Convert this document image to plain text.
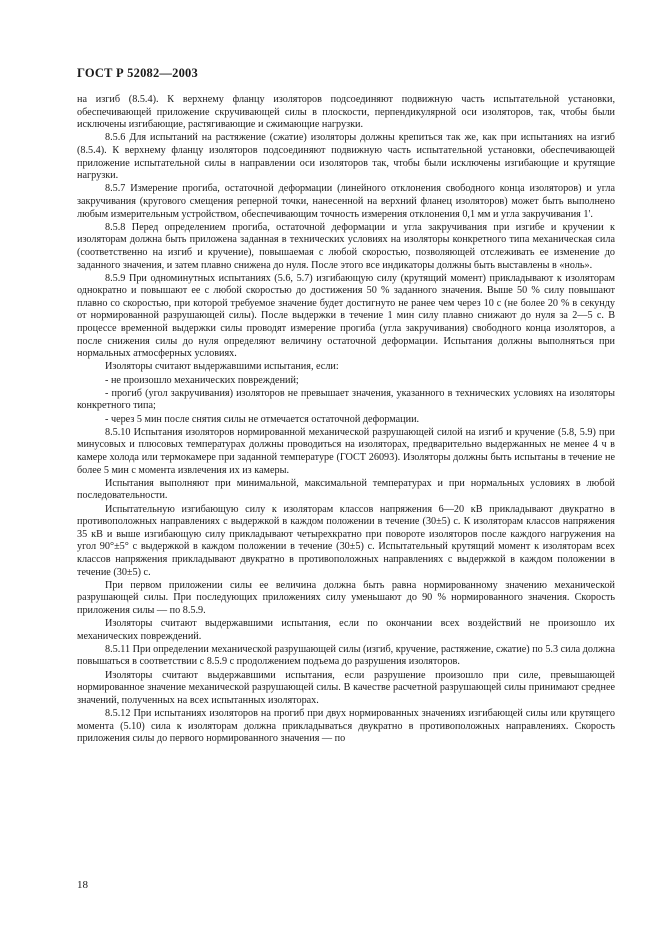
ГОСТ Р 52082—2003

на изгиб (8.5.4). К верхнему фланцу изоляторов подсоединяют подвижную часть испытательной установки, обеспечивающей приложение скручивающей силы в плоскости, перпендикулярной оси изоляторов, так, чтобы были исключены изгибающие, растягивающие и сжимающие нагрузки.

8.5.6 Для испытаний на растяжение (сжатие) изоляторы должны крепиться так же, как при испытаниях на изгиб (8.5.4). К верхнему фланцу изоляторов подсоединяют подвижную часть испытательной установки, обеспечивающей приложение испытательной силы в направлении оси изоляторов так, чтобы были исключены изгибающие и крутящие нагрузки.

8.5.7 Измерение прогиба, остаточной деформации (линейного отклонения свободного конца изоляторов) и угла закручивания (кругового смещения реперной точки, нанесенной на верхний фланец изоляторов) может быть выполнено любым измерительным устройством, обеспечивающим точность измерения отклонения 0,1 мм и угла закручивания 1'.

8.5.8 Перед определением прогиба, остаточной деформации и угла закручивания при изгибе и кручении к изоляторам должна быть приложена заданная в технических условиях на изоляторы конкретного типа механическая сила (соответственно на изгиб и кручение), повышаемая с любой скоростью, позволяющей отслеживать ее изменение до заданного значения, и затем плавно снижена до нуля. После этого все индикаторы должны быть выставлены в «ноль».

8.5.9 При одноминутных испытаниях (5.6, 5.7) изгибающую силу (крутящий момент) прикладывают к изоляторам однократно и повышают ее с любой скоростью до достижения 50 % заданного значения. Выше 50 % силу повышают плавно со скоростью, при которой требуемое значение будет достигнуто не ранее чем через 10 с (не более 20 % в секунду от нормированной разрушающей силы). После выдержки в течение 1 мин силу плавно снижают до нуля за 2—5 с. В процессе временной выдержки силы проводят измерение прогиба (угла закручивания) свободного конца изоляторов, а после снижения силы до нуля определяют величину остаточной деформации. Испытания должны выполняться при нормальных атмосферных условиях.

Изоляторы считают выдержавшими испытания, если:

- не произошло механических повреждений;

- прогиб (угол закручивания) изоляторов не превышает значения, указанного в технических условиях на изоляторы конкретного типа;

- через 5 мин после снятия силы не отмечается остаточной деформации.

8.5.10 Испытания изоляторов нормированной механической разрушающей силой на изгиб и кручение (5.8, 5.9) при минусовых и плюсовых температурах должны проводиться на изоляторах, предварительно выдержанных не менее 4 ч в камере холода или термокамере при заданной температуре (ГОСТ 26093). Изоляторы должны быть испытаны в течение не более 5 мин с момента извлечения их из камеры.

Испытания выполняют при минимальной, максимальной температурах и при нормальных условиях в любой последовательности.

Испытательную изгибающую силу к изоляторам классов напряжения 6—20 кВ прикладывают двукратно в противоположных направлениях с выдержкой в каждом положении в течение (30±5) с. К изоляторам классов напряжения 35 кВ и выше изгибающую силу прикладывают четырехкратно при повороте изоляторов после каждого нагружения на угол 90°±5° с выдержкой в каждом положении в течение (30±5) с. Испытательный крутящий момент к изоляторам всех классов напряжения прикладывают двукратно в противоположных направлениях с выдержкой в каждом положении в течение (30±5) с.

При первом приложении силы ее величина должна быть равна нормированному значению механической разрушающей силы. При последующих приложениях силу уменьшают до 90 % нормированного значения. Скорость приложения силы — по 8.5.9.

Изоляторы считают выдержавшими испытания, если по окончании всех воздействий не произошло их механических повреждений.

8.5.11 При определении механической разрушающей силы (изгиб, кручение, растяжение, сжатие) по 5.3 сила должна повышаться в соответствии с 8.5.9 с продолжением подъема до разрушения изоляторов.

Изоляторы считают выдержавшими испытания, если разрушение произошло при силе, превышающей нормированное значение механической разрушающей силы. В качестве расчетной разрушающей силы принимают среднее значений, полученных на всех испытанных изоляторах.

8.5.12 При испытаниях изоляторов на прогиб при двух нормированных значениях изгибающей силы или крутящего момента (5.10) сила к изоляторам должна прикладываться двукратно в противоположных направлениях. Скорость приложения силы до первого нормированного значения — по

18
